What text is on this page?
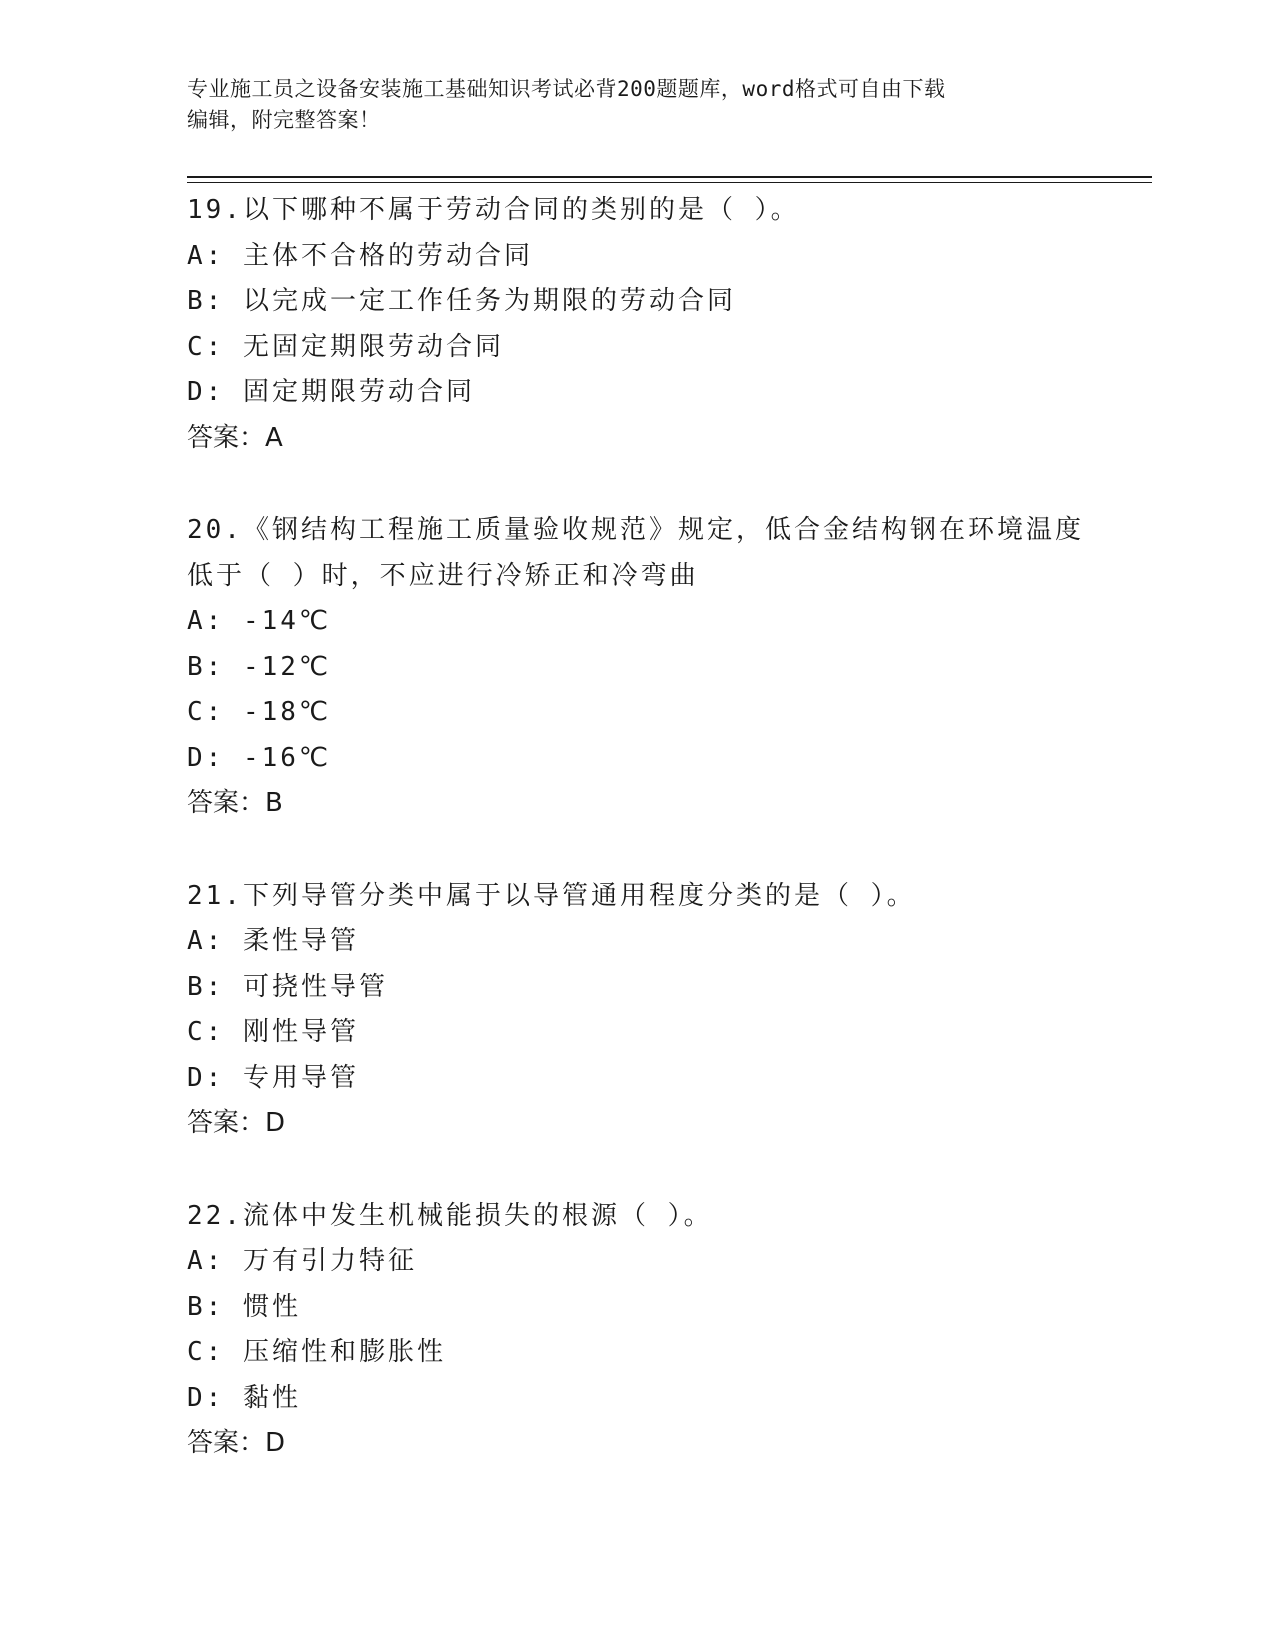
专业施工员之设备安装施工基础知识考试必背200题题库，word格式可自由下载
编辑，附完整答案！
19.以下哪种不属于劳动合同的类别的是（ ）。
A: 主体不合格的劳动合同
B: 以完成一定工作任务为期限的劳动合同
C: 无固定期限劳动合同
D: 固定期限劳动合同
答案：A
20.《钢结构工程施工质量验收规范》规定，低合金结构钢在环境温度
低于（ ）时，不应进行冷矫正和冷弯曲
A: -14℃
B: -12℃
C: -18℃
D: -16℃
答案：B
21.下列导管分类中属于以导管通用程度分类的是（ ）。
A: 柔性导管
B: 可挠性导管
C: 刚性导管
D: 专用导管
答案：D
22.流体中发生机械能损失的根源（ ）。
A: 万有引力特征
B: 惯性
C: 压缩性和膨胀性
D: 黏性
答案：D
